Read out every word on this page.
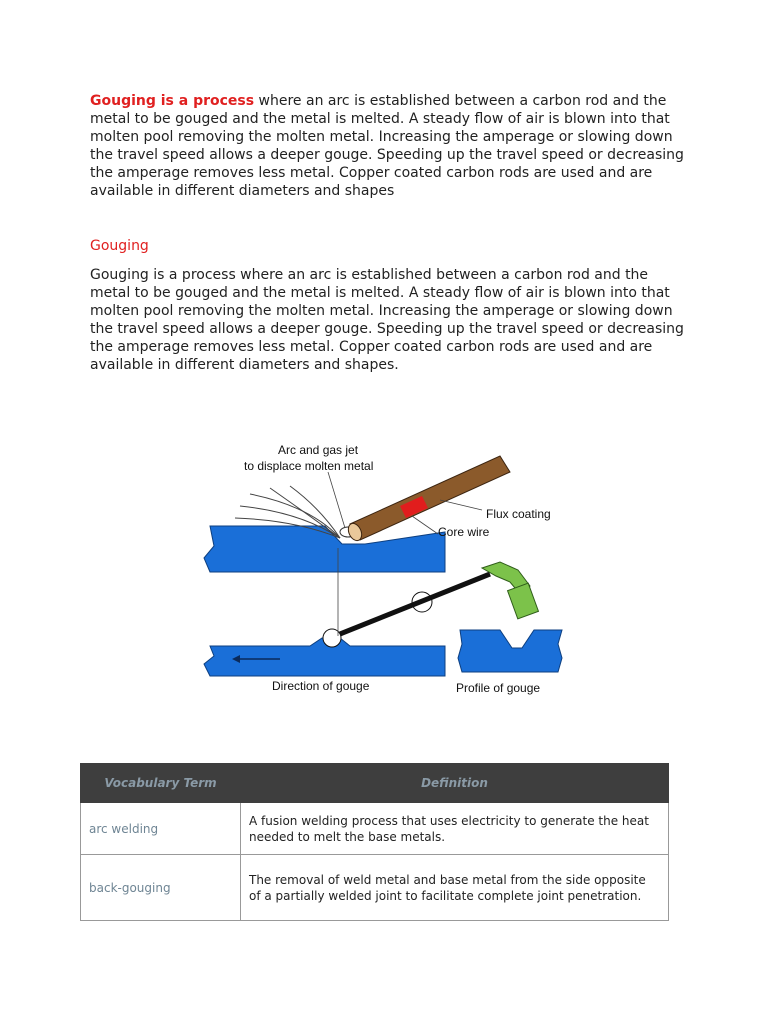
Gouging is a process where an arc is established between a carbon rod and the metal to be gouged and the metal is melted. A steady flow of air is blown into that molten pool removing the molten metal. Increasing the amperage or slowing down the travel speed allows a deeper gouge. Speeding up the travel speed or decreasing the amperage removes less metal. Copper coated carbon rods are used and are available in different diameters and shapes

Gouging

Gouging is a process where an arc is established between a carbon rod and the metal to be gouged and the metal is melted. A steady flow of air is blown into that molten pool removing the molten metal. Increasing the amperage or slowing down the travel speed allows a deeper gouge. Speeding up the travel speed or decreasing the amperage removes less metal. Copper coated carbon rods are used and are available in different diameters and shapes.

Arc and gas jet
to displace molten metal
Flux coating
Core wire
Direction of gouge	Profile of gouge
Vocabulary Term	Definition
arc welding	A fusion welding process that uses electricity to generate the heat needed to melt the base metals.
back-gouging	The removal of weld metal and base metal from the side opposite of a partially welded joint to facilitate complete joint penetration.
